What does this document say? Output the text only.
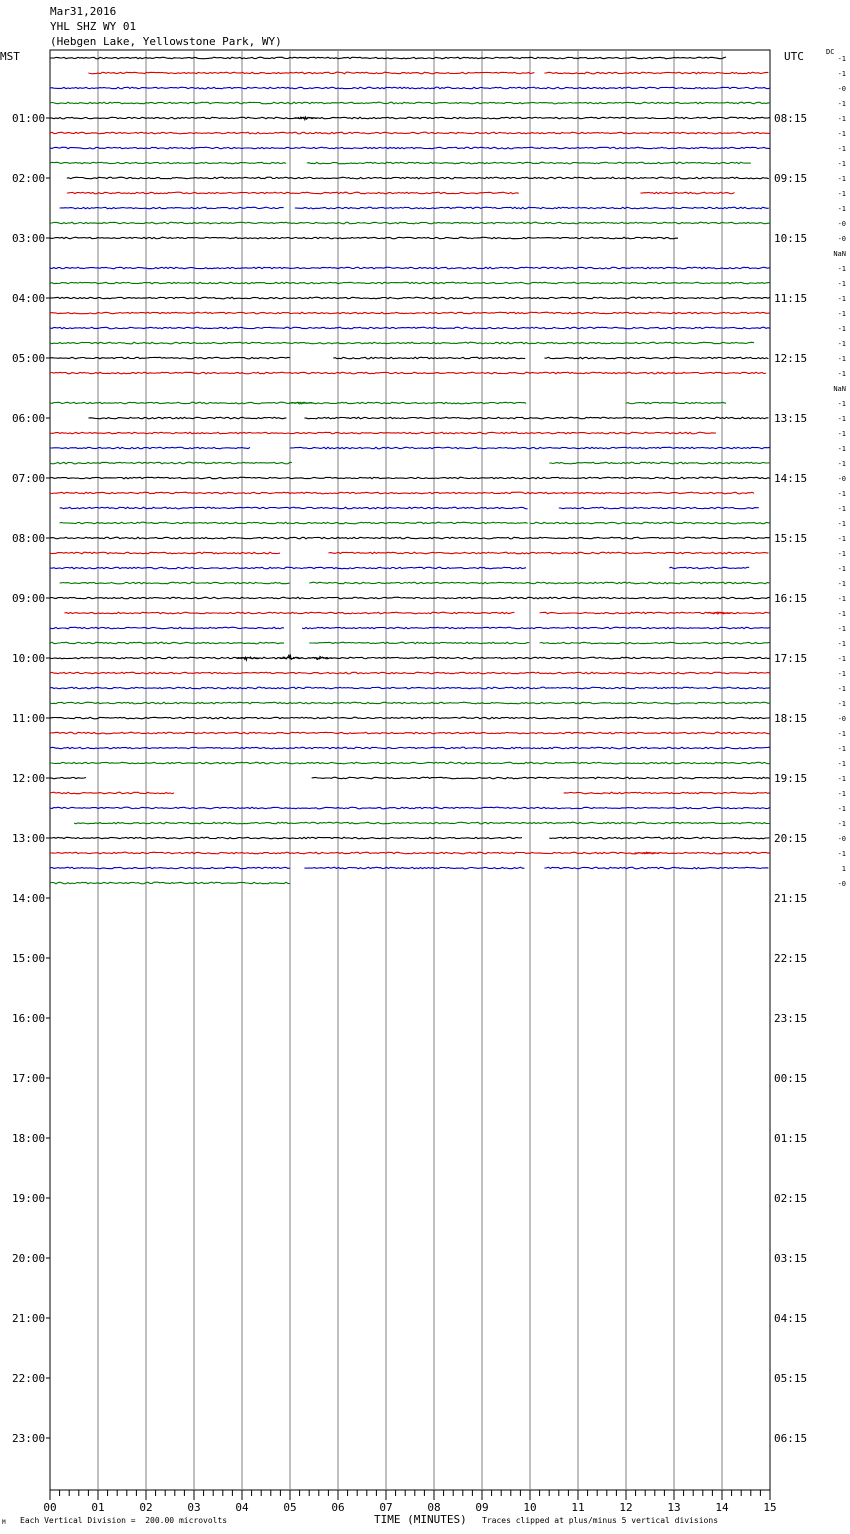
Mar31,2016
YHL SHZ WY 01
(Hebgen Lake, Yellowstone Park, WY)
MST	UTC	DC
M Each Vertical Division =  200.00 microvolts	TIME (MINUTES) Traces clipped at plus/minus 5 vertical divisions
00	01	02	03	04	05	06	07	08	09	10	11	12	13	14	15
01:00
02:00
03:00
04:00
05:00
06:00
07:00
08:00
09:00
10:00
11:00
12:00
13:00
14:00
15:00
16:00
17:00
18:00
19:00
20:00
21:00
22:00
23:00
08:15
09:15
10:15
11:15
12:15
13:15
14:15
15:15
16:15
17:15
18:15
19:15
20:15
21:15
22:15
23:15
00:15
01:15
02:15
03:15
04:15
05:15
06:15
-1
-1
-0
-1
-1
-1
-1
-1
-1
-1
-1
-0
-0
NaN
-1
-1
-1
-1
-1
-1
-1
-1
NaN
-1
-1
-1
-1
-1
-0
-1
-1
-1
-1
-1
-1
-1
-1
-1
-1
-1
-1
-1
-1
-1
-0
-1
-1
-1
-1
-1
-1
-1
-0
-1
1
-0
